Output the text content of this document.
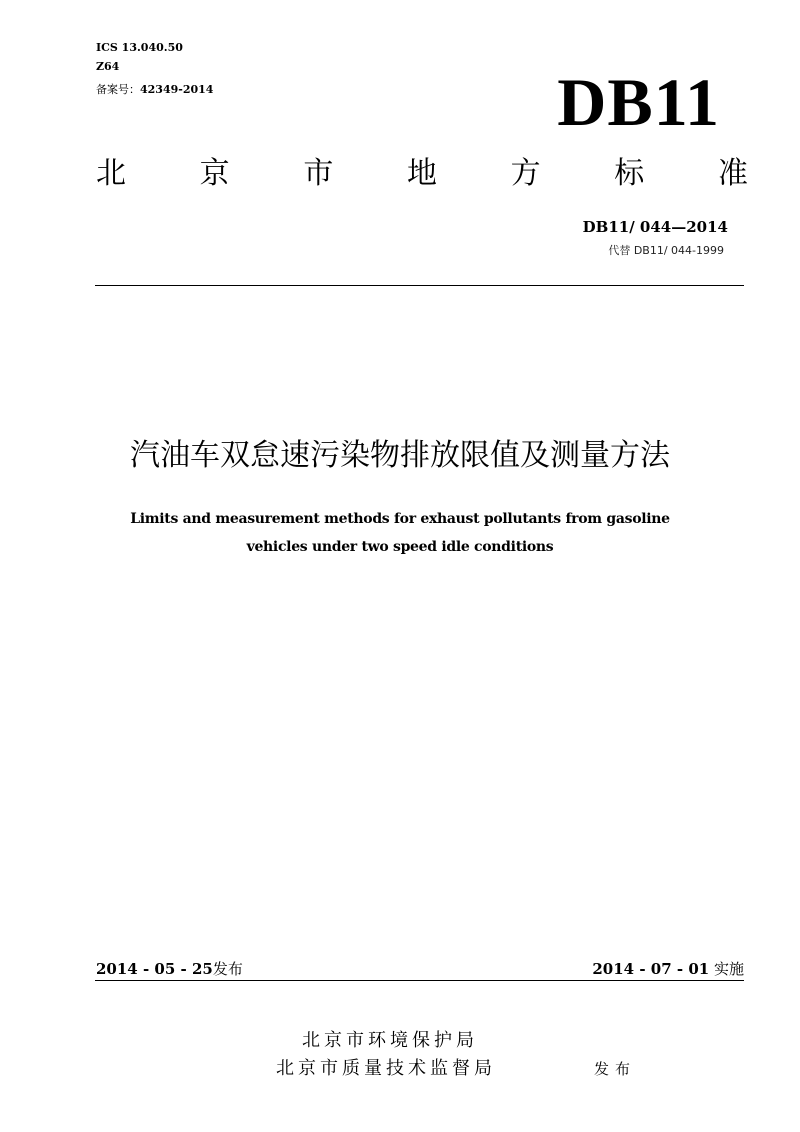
ICS 13.040.50
Z64
备案号：42349-2014	DB11
北 京 市 地 方 标 准
DB11/ 044—2014
代替 DB11/ 044-1999
汽油车双怠速污染物排放限值及测量方法
Limits and measurement methods for exhaust pollutants from gasoline
vehicles under two speed idle conditions
2014 - 05 - 25发布	2014 - 07 - 01 实施
北京市环境保护局
北京市质量技术监督局	发布
